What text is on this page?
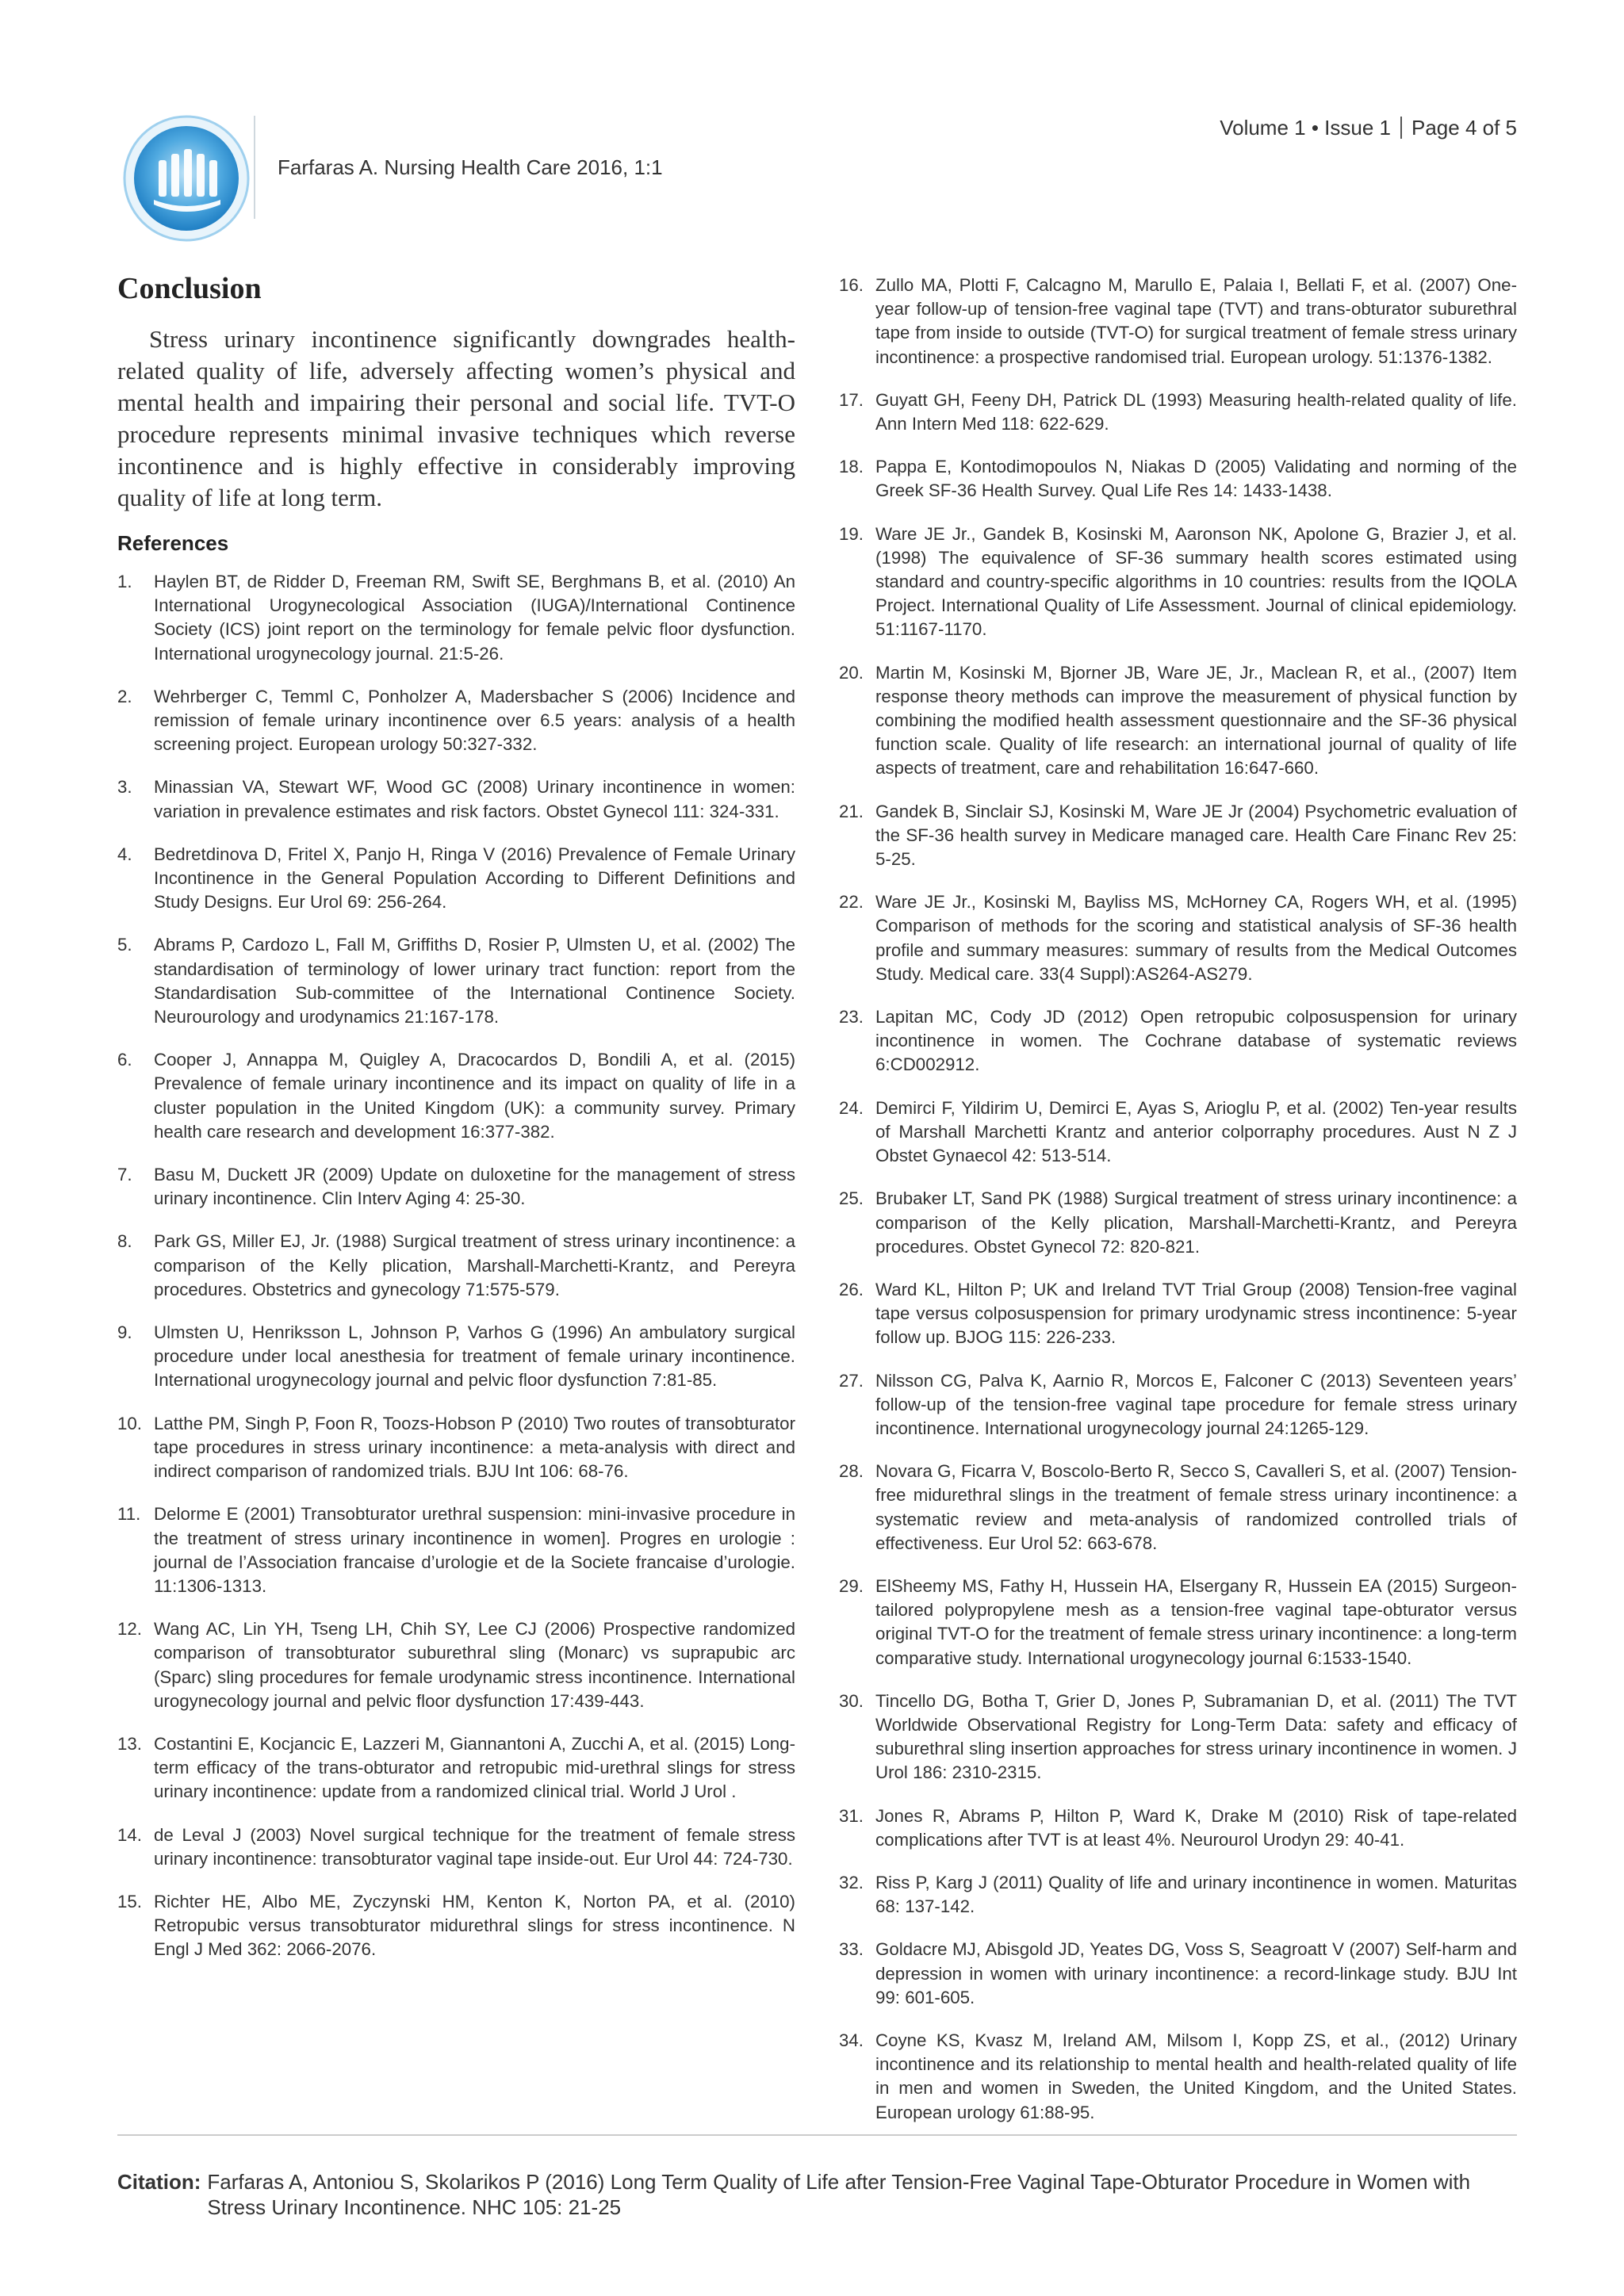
Farfaras A. Nursing Health Care 2016, 1:1
Volume 1 • Issue 1 Page 4 of 5
Conclusion

Stress urinary incontinence significantly downgrades health-related quality of life, adversely affecting women’s physical and mental health and impairing their personal and social life. TVT-O procedure represents minimal invasive techniques which reverse incontinence and is highly effective in considerably improving quality of life at long term.

References
1.	Haylen BT, de Ridder D, Freeman RM, Swift SE, Berghmans B, et al. (2010) An International Urogynecological Association (IUGA)/International Continence Society (ICS) joint report on the terminology for female pelvic floor dysfunction. International urogynecology journal. 21:5-26.
2.	Wehrberger C, Temml C, Ponholzer A, Madersbacher S (2006) Incidence and remission of female urinary incontinence over 6.5 years: analysis of a health screening project. European urology 50:327-332.
3.	Minassian VA, Stewart WF, Wood GC (2008) Urinary incontinence in women: variation in prevalence estimates and risk factors. Obstet Gynecol 111: 324-331.
4.	Bedretdinova D, Fritel X, Panjo H, Ringa V (2016) Prevalence of Female Urinary Incontinence in the General Population According to Different Definitions and Study Designs. Eur Urol 69: 256-264.
5.	Abrams P, Cardozo L, Fall M, Griffiths D, Rosier P, Ulmsten U, et al. (2002) The standardisation of terminology of lower urinary tract function: report from the Standardisation Sub-committee of the International Continence Society. Neurourology and urodynamics 21:167-178.
6.	Cooper J, Annappa M, Quigley A, Dracocardos D, Bondili A, et al. (2015) Prevalence of female urinary incontinence and its impact on quality of life in a cluster population in the United Kingdom (UK): a community survey. Primary health care research and development 16:377-382.
7.	Basu M, Duckett JR (2009) Update on duloxetine for the management of stress urinary incontinence. Clin Interv Aging 4: 25-30.
8.	Park GS, Miller EJ, Jr. (1988) Surgical treatment of stress urinary incontinence: a comparison of the Kelly plication, Marshall-Marchetti-Krantz, and Pereyra procedures. Obstetrics and gynecology 71:575-579.
9.	Ulmsten U, Henriksson L, Johnson P, Varhos G (1996) An ambulatory surgical procedure under local anesthesia for treatment of female urinary incontinence. International urogynecology journal and pelvic floor dysfunction 7:81-85.
10. Latthe PM, Singh P, Foon R, Toozs-Hobson P (2010) Two routes of transobturator tape procedures in stress urinary incontinence: a meta-analysis with direct and indirect comparison of randomized trials. BJU Int 106: 68-76.
11. Delorme E (2001) Transobturator urethral suspension: mini-invasive procedure in the treatment of stress urinary incontinence in women]. Progres en urologie : journal de l’Association francaise d’urologie et de la Societe francaise d’urologie. 11:1306-1313.
12. Wang AC, Lin YH, Tseng LH, Chih SY, Lee CJ (2006) Prospective randomized comparison of transobturator suburethral sling (Monarc) vs suprapubic arc (Sparc) sling procedures for female urodynamic stress incontinence. International urogynecology journal and pelvic floor dysfunction 17:439-443.
13. Costantini E, Kocjancic E, Lazzeri M, Giannantoni A, Zucchi A, et al. (2015) Long-term efficacy of the trans-obturator and retropubic mid-urethral slings for stress urinary incontinence: update from a randomized clinical trial. World J Urol .
14. de Leval J (2003) Novel surgical technique for the treatment of female stress urinary incontinence: transobturator vaginal tape inside-out. Eur Urol 44: 724-730.
15. Richter HE, Albo ME, Zyczynski HM, Kenton K, Norton PA, et al. (2010) Retropubic versus transobturator midurethral slings for stress incontinence. N Engl J Med 362: 2066-2076.
16. Zullo MA, Plotti F, Calcagno M, Marullo E, Palaia I, Bellati F, et al. (2007) One-year follow-up of tension-free vaginal tape (TVT) and trans-obturator suburethral tape from inside to outside (TVT-O) for surgical treatment of female stress urinary incontinence: a prospective randomised trial. European urology. 51:1376-1382.
17. Guyatt GH, Feeny DH, Patrick DL (1993) Measuring health-related quality of life. Ann Intern Med 118: 622-629.
18. Pappa E, Kontodimopoulos N, Niakas D (2005) Validating and norming of the Greek SF-36 Health Survey. Qual Life Res 14: 1433-1438.
19. Ware JE Jr., Gandek B, Kosinski M, Aaronson NK, Apolone G, Brazier J, et al. (1998) The equivalence of SF-36 summary health scores estimated using standard and country-specific algorithms in 10 countries: results from the IQOLA Project. International Quality of Life Assessment. Journal of clinical epidemiology. 51:1167-1170.
20. Martin M, Kosinski M, Bjorner JB, Ware JE, Jr., Maclean R, et al., (2007) Item response theory methods can improve the measurement of physical function by combining the modified health assessment questionnaire and the SF-36 physical function scale. Quality of life research: an international journal of quality of life aspects of treatment, care and rehabilitation 16:647-660.
21. Gandek B, Sinclair SJ, Kosinski M, Ware JE Jr (2004) Psychometric evaluation of the SF-36 health survey in Medicare managed care. Health Care Financ Rev 25: 5-25.
22. Ware JE Jr., Kosinski M, Bayliss MS, McHorney CA, Rogers WH, et al. (1995) Comparison of methods for the scoring and statistical analysis of SF-36 health profile and summary measures: summary of results from the Medical Outcomes Study. Medical care. 33(4 Suppl):AS264-AS279.
23. Lapitan MC, Cody JD (2012) Open retropubic colposuspension for urinary incontinence in women. The Cochrane database of systematic reviews 6:CD002912.
24. Demirci F, Yildirim U, Demirci E, Ayas S, Arioglu P, et al. (2002) Ten-year results of Marshall Marchetti Krantz and anterior colporraphy procedures. Aust N Z J Obstet Gynaecol 42: 513-514.
25. Brubaker LT, Sand PK (1988) Surgical treatment of stress urinary incontinence: a comparison of the Kelly plication, Marshall-Marchetti-Krantz, and Pereyra procedures. Obstet Gynecol 72: 820-821.
26. Ward KL, Hilton P; UK and Ireland TVT Trial Group (2008) Tension-free vaginal tape versus colposuspension for primary urodynamic stress incontinence: 5-year follow up. BJOG 115: 226-233.
27. Nilsson CG, Palva K, Aarnio R, Morcos E, Falconer C (2013) Seventeen years’ follow-up of the tension-free vaginal tape procedure for female stress urinary incontinence. International urogynecology journal 24:1265-129.
28. Novara G, Ficarra V, Boscolo-Berto R, Secco S, Cavalleri S, et al. (2007) Tension-free midurethral slings in the treatment of female stress urinary incontinence: a systematic review and meta-analysis of randomized controlled trials of effectiveness. Eur Urol 52: 663-678.
29. ElSheemy MS, Fathy H, Hussein HA, Elsergany R, Hussein EA (2015) Surgeon-tailored polypropylene mesh as a tension-free vaginal tape-obturator versus original TVT-O for the treatment of female stress urinary incontinence: a long-term comparative study. International urogynecology journal 6:1533-1540.
30. Tincello DG, Botha T, Grier D, Jones P, Subramanian D, et al. (2011) The TVT Worldwide Observational Registry for Long-Term Data: safety and efficacy of suburethral sling insertion approaches for stress urinary incontinence in women. J Urol 186: 2310-2315.
31. Jones R, Abrams P, Hilton P, Ward K, Drake M (2010) Risk of tape-related complications after TVT is at least 4%. Neurourol Urodyn 29: 40-41.
32. Riss P, Karg J (2011) Quality of life and urinary incontinence in women. Maturitas 68: 137-142.
33. Goldacre MJ, Abisgold JD, Yeates DG, Voss S, Seagroatt V (2007) Self-harm and depression in women with urinary incontinence: a record-linkage study. BJU Int 99: 601-605.
34. Coyne KS, Kvasz M, Ireland AM, Milsom I, Kopp ZS, et al., (2012) Urinary incontinence and its relationship to mental health and health-related quality of life in men and women in Sweden, the United Kingdom, and the United States. European urology 61:88-95.
Citation: Farfaras A, Antoniou S, Skolarikos P (2016) Long Term Quality of Life after Tension-Free Vaginal Tape-Obturator Procedure in Women with Stress Urinary Incontinence. NHC 105: 21-25
